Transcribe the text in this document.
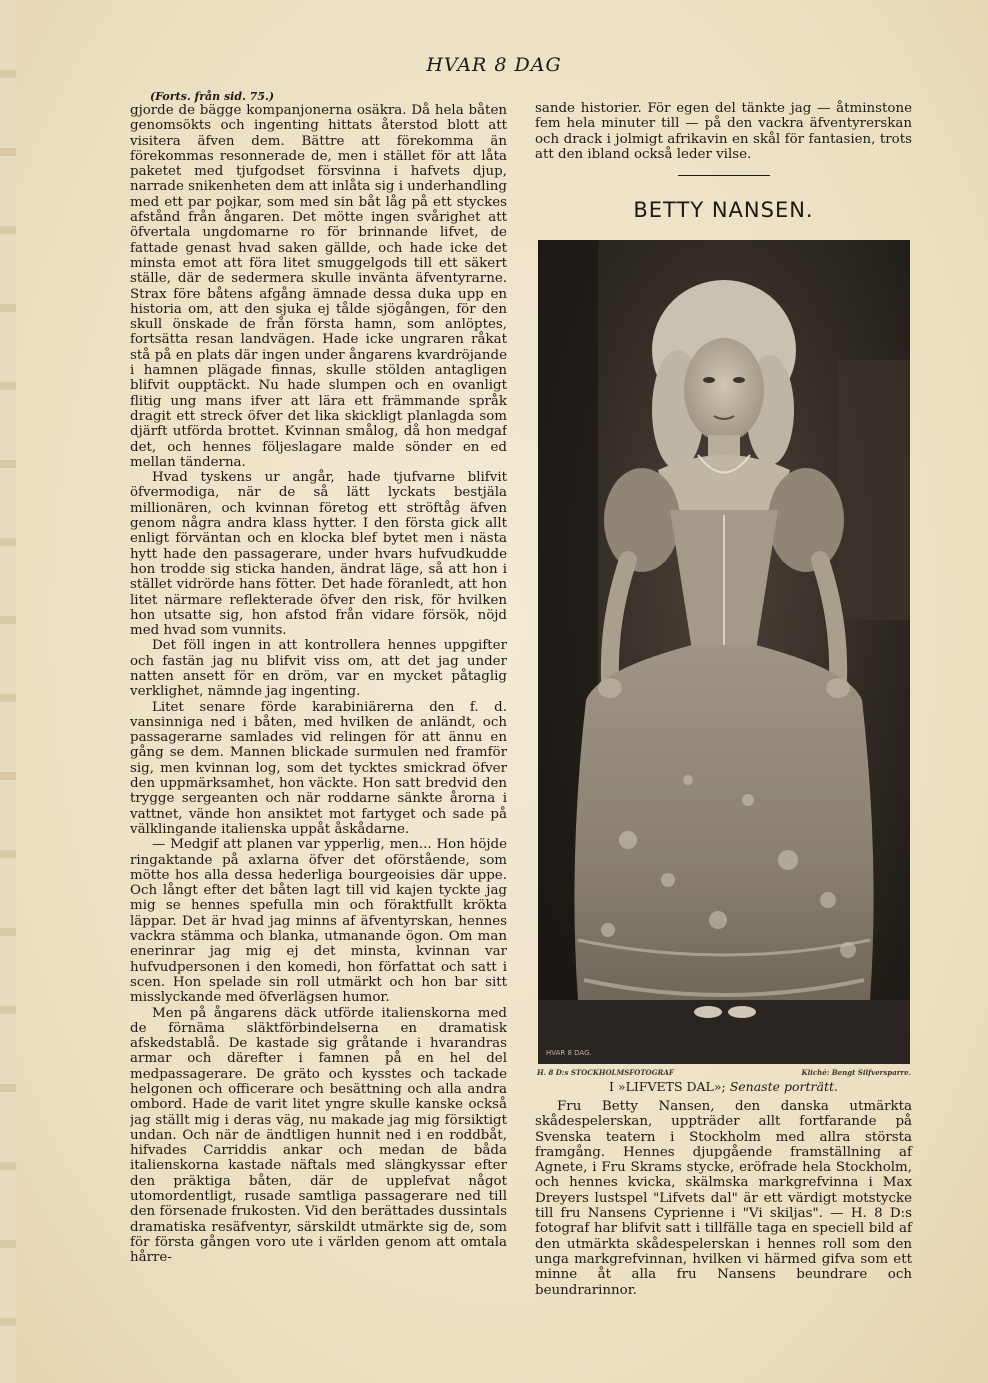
HVAR 8 DAG
(Forts. från sid. 75.)

gjorde de bägge kompanjonerna osäkra. Då hela båten genomsökts och ingenting hittats återstod blott att visitera äfven dem. Bättre att förekomma än förekommas resonnerade de, men i stället för att låta paketet med tjufgodset försvinna i hafvets djup, narrade snikenheten dem att inlåta sig i underhandling med ett par pojkar, som med sin båt låg på ett styckes afstånd från ångaren. Det mötte ingen svårighet att öfvertala ungdomarne ro för brinnande lifvet, de fattade genast hvad saken gällde, och hade icke det minsta emot att föra litet smuggelgods till ett säkert ställe, där de sedermera skulle invänta äfventyrarne. Strax före båtens afgång ämnade dessa duka upp en historia om, att den sjuka ej tålde sjögången, för den skull önskade de från första hamn, som anlöptes, fortsätta resan landvägen. Hade icke ungraren råkat stå på en plats där ingen under ångarens kvardröjande i hamnen plägade finnas, skulle stölden antagligen blifvit oupptäckt. Nu hade slumpen och en ovanligt flitig ung mans ifver att lära ett främmande språk dragit ett streck öfver det lika skickligt planlagda som djärft utförda brottet. Kvinnan smålog, då hon medgaf det, och hennes följeslagare malde sönder en ed mellan tänderna.

Hvad tyskens ur angår, hade tjufvarne blifvit öfvermodiga, när de så lätt lyckats bestjäla millionären, och kvinnan företog ett ströftåg äfven genom några andra klass hytter. I den första gick allt enligt förväntan och en klocka blef bytet men i nästa hytt hade den passagerare, under hvars hufvudkudde hon trodde sig sticka handen, ändrat läge, så att hon i stället vidrörde hans fötter. Det hade föranledt, att hon litet närmare reflekterade öfver den risk, för hvilken hon utsatte sig, hon afstod från vidare försök, nöjd med hvad som vunnits.

Det föll ingen in att kontrollera hennes uppgifter och fastän jag nu blifvit viss om, att det jag under natten ansett för en dröm, var en mycket påtaglig verklighet, nämnde jag ingenting.

Litet senare förde karabiniärerna den f. d. vansinniga ned i båten, med hvilken de anländt, och passagerarne samlades vid relingen för att ännu en gång se dem. Mannen blickade surmulen ned framför sig, men kvinnan log, som det tycktes smickrad öfver den uppmärksamhet, hon väckte. Hon satt bredvid den trygge sergeanten och när roddarne sänkte årorna i vattnet, vände hon ansiktet mot fartyget och sade på välklingande italienska uppåt åskådarne.

— Medgif att planen var ypperlig, men... Hon höjde ringaktande på axlarna öfver det oförstående, som mötte hos alla dessa hederliga bourgeoisies där uppe. Och långt efter det båten lagt till vid kajen tyckte jag mig se hennes spefulla min och föraktfullt krökta läppar. Det är hvad jag minns af äfventyrskan, hennes vackra stämma och blanka, utmanande ögon. Om man enerinrar jag mig ej det minsta, kvinnan var hufvudpersonen i den komedi, hon författat och satt i scen. Hon spelade sin roll utmärkt och hon bar sitt misslyckande med öfverlägsen humor.

Men på ångarens däck utförde italienskorna med de förnäma släktförbindelserna en dramatisk afskedstablå. De kastade sig gråtande i hvarandras armar och därefter i famnen på en hel del medpassagerare. De gräto och kysstes och tackade helgonen och officerare och besättning och alla andra ombord. Hade de varit litet yngre skulle kanske också jag ställt mig i deras väg, nu makade jag mig försiktigt undan. Och när de ändtligen hunnit ned i en roddbåt, hifvades Carriddis ankar och medan de båda italienskorna kastade näftals med slängkyssar efter den präktiga båten, där de upplefvat något utomordentligt, rusade samtliga passagerare ned till den försenade frukosten. Vid den berättades dussintals dramatiska resäfventyr, särskildt utmärkte sig de, som för första gången voro ute i världen genom att omtala hårre-

sande historier. För egen del tänkte jag — åtminstone fem hela minuter till — på den vackra äfventyrerskan och drack i jolmigt afrikavin en skål för fantasien, trots att den ibland också leder vilse.

BETTY NANSEN.
HVAR 8 DAG.
H. 8 D:s STOCKHOLMSFOTOGRAF	Klichė: Bengt Silfversparre.
I »LIFVETS DAL»; Senaste porträtt.

Fru Betty Nansen, den danska utmärkta skådespelerskan, uppträder allt fortfarande på Svenska teatern i Stockholm med allra största framgång. Hennes djupgående framställning af Agnete, i Fru Skrams stycke, eröfrade hela Stockholm, och hennes kvicka, skälmska markgrefvinna i Max Dreyers lustspel "Lifvets dal" är ett värdigt motstycke till fru Nansens Cyprienne i "Vi skiljas". — H. 8 D:s fotograf har blifvit satt i tillfälle taga en speciell bild af den utmärkta skådespelerskan i hennes roll som den unga markgrefvinnan, hvilken vi härmed gifva som ett minne åt alla fru Nansens beundrare och beundrarinnor.
